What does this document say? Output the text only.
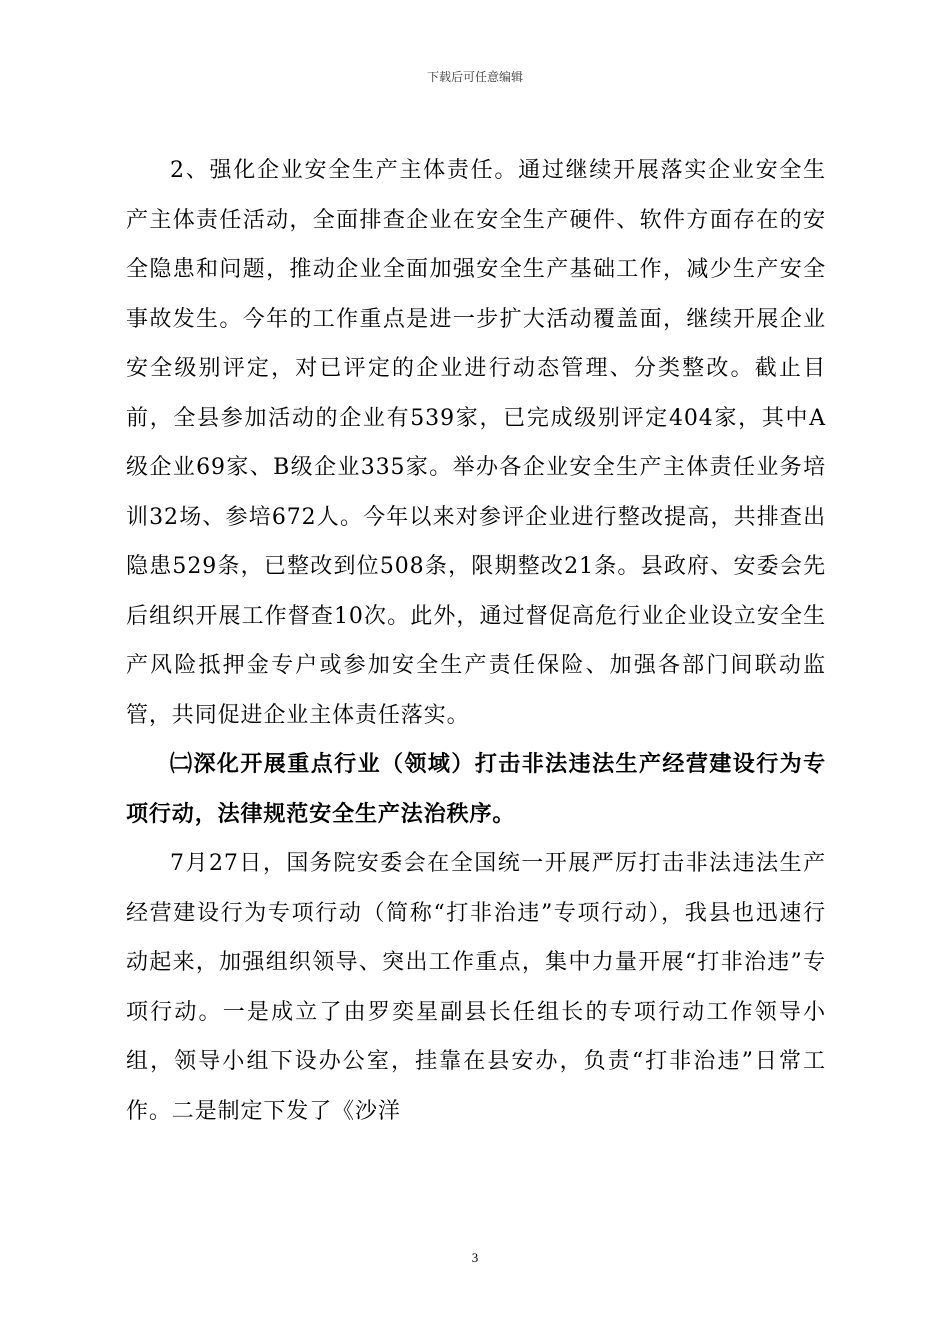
下载后可任意编辑

2、强化企业安全生产主体责任。通过继续开展落实企业安全生产主体责任活动，全面排查企业在安全生产硬件、软件方面存在的安全隐患和问题，推动企业全面加强安全生产基础工作，减少生产安全事故发生。今年的工作重点是进一步扩大活动覆盖面，继续开展企业安全级别评定，对已评定的企业进行动态管理、分类整改。截止目前，全县参加活动的企业有539家，已完成级别评定404家，其中A级企业69家、B级企业335家。举办各企业安全生产主体责任业务培训32场、参培672人。今年以来对参评企业进行整改提高，共排查出隐患529条，已整改到位508条，限期整改21条。县政府、安委会先后组织开展工作督查10次。此外，通过督促高危行业企业设立安全生产风险抵押金专户或参加安全生产责任保险、加强各部门间联动监管，共同促进企业主体责任落实。

㈡深化开展重点行业（领域）打击非法违法生产经营建设行为专项行动，法律规范安全生产法治秩序。

7月27日，国务院安委会在全国统一开展严厉打击非法违法生产经营建设行为专项行动（简称“打非治违”专项行动），我县也迅速行动起来，加强组织领导、突出工作重点，集中力量开展“打非治违”专项行动。一是成立了由罗奕星副县长任组长的专项行动工作领导小组，领导小组下设办公室，挂靠在县安办，负责“打非治违”日常工作。二是制定下发了《沙洋

3
